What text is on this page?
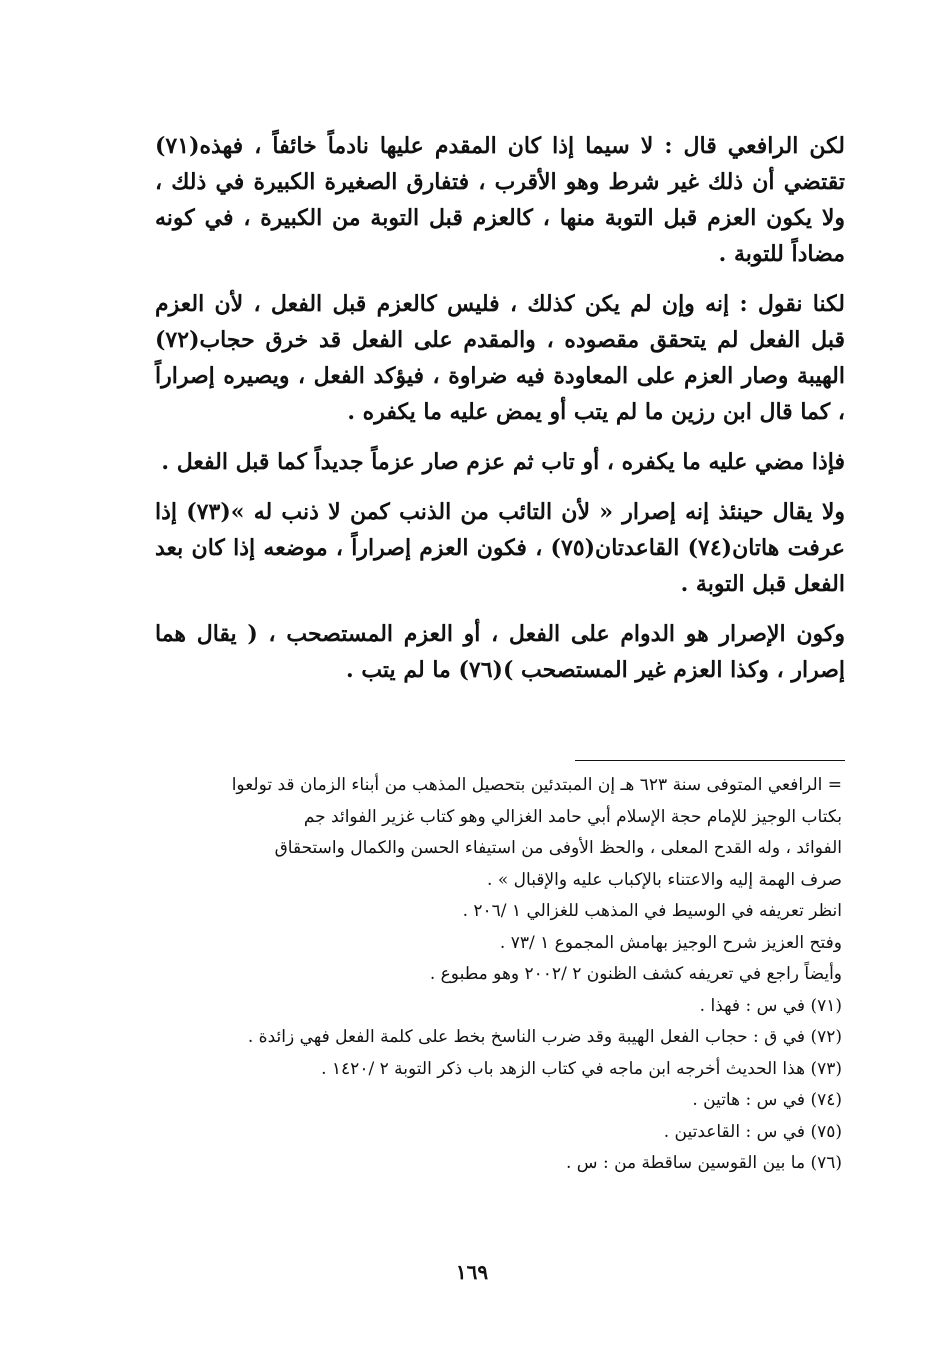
لكن الرافعي قال : لا سيما إذا كان المقدم عليها نادماً خائفاً ، فهذه(٧١) تقتضي أن ذلك غير شرط وهو الأقرب ، فتفارق الصغيرة الكبيرة في ذلك ، ولا يكون العزم قبل التوبة منها ، كالعزم قبل التوبة من الكبيرة ، في كونه مضاداً للتوبة .

لكنا نقول : إنه وإن لم يكن كذلك ، فليس كالعزم قبل الفعل ، لأن العزم قبل الفعل لم يتحقق مقصوده ، والمقدم على الفعل قد خرق حجاب(٧٢) الهيبة وصار العزم على المعاودة فيه ضراوة ، فيؤكد الفعل ، ويصيره إصراراً ، كما قال ابن رزين ما لم يتب أو يمض عليه ما يكفره .

فإذا مضي عليه ما يكفره ، أو تاب ثم عزم صار عزماً جديداً كما قبل الفعل .

ولا يقال حينئذ إنه إصرار « لأن التائب من الذنب كمن لا ذنب له »(٧٣) إذا عرفت هاتان(٧٤) القاعدتان(٧٥) ، فكون العزم إصراراً ، موضعه إذا كان بعد الفعل قبل التوبة .

وكون الإصرار هو الدوام على الفعل ، أو العزم المستصحب ، ( يقال هما إصرار ، وكذا العزم غير المستصحب )(٧٦) ما لم يتب .

= الرافعي المتوفى سنة ٦٢٣ هـ إن المبتدئين بتحصيل المذهب من أبناء الزمان قد تولعوا

بكتاب الوجيز للإمام حجة الإسلام أبي حامد الغزالي وهو كتاب غزير الفوائد جم

الفوائد ، وله القدح المعلى ، والحظ الأوفى من استيفاء الحسن والكمال واستحقاق

صرف الهمة إليه والاعتناء بالإكباب عليه والإقبال » .

انظر تعريفه في الوسيط في المذهب للغزالي ١ /٢٠٦ .

وفتح العزيز شرح الوجيز بهامش المجموع ١ /٧٣ .

وأيضاً راجع في تعريفه كشف الظنون ٢ /٢٠٠٢ وهو مطبوع .

(٧١) في س : فهذا .

(٧٢) في ق : حجاب الفعل الهيبة وقد ضرب الناسخ بخط على كلمة الفعل فهي زائدة .

(٧٣) هذا الحديث أخرجه ابن ماجه في كتاب الزهد باب ذكر التوبة ٢ /١٤٢٠ .

(٧٤) في س : هاتين .

(٧٥) في س : القاعدتين .

(٧٦) ما بين القوسين ساقطة من : س .

١٦٩
